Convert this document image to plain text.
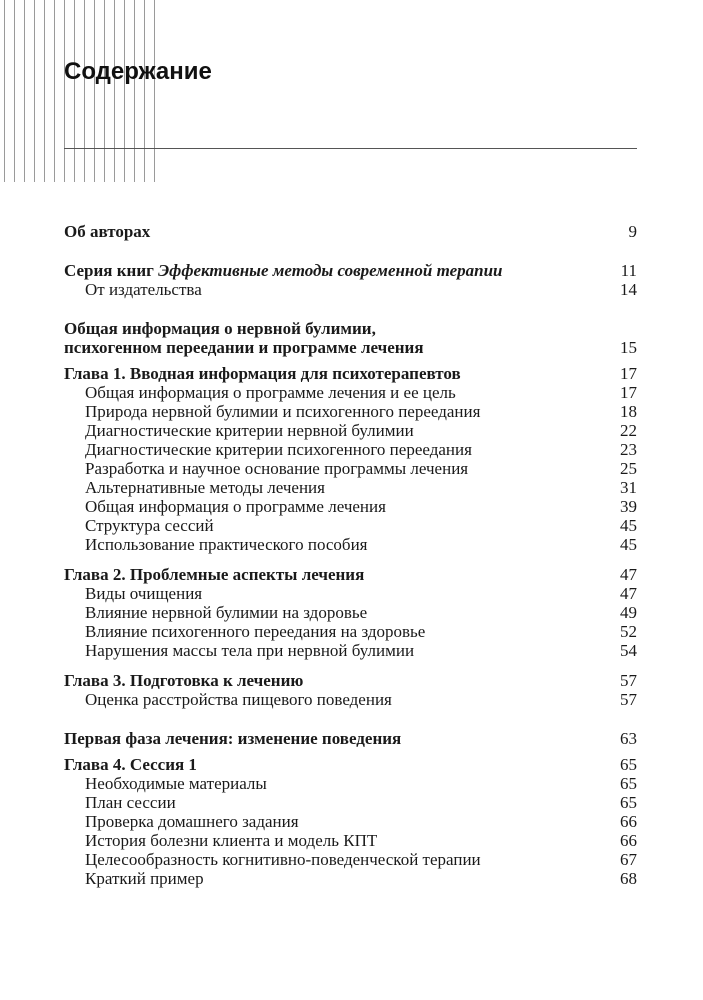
Содержание
Об авторах	9
Серия книг Эффективные методы современной терапии	11
От издательства	14
Общая информация о нервной булимии,
психогенном переедании и программе лечения	15
Глава 1. Вводная информация для психотерапевтов	17
Общая информация о программе лечения и ее цель	17
Природа нервной булимии и психогенного переедания	18
Диагностические критерии нервной булимии	22
Диагностические критерии психогенного переедания	23
Разработка и научное основание программы лечения	25
Альтернативные методы лечения	31
Общая информация о программе лечения	39
Структура сессий	45
Использование практического пособия	45
Глава 2. Проблемные аспекты лечения	47
Виды очищения	47
Влияние нервной булимии на здоровье	49
Влияние психогенного переедания на здоровье	52
Нарушения массы тела при нервной булимии	54
Глава 3. Подготовка к лечению	57
Оценка расстройства пищевого поведения	57
Первая фаза лечения: изменение поведения	63
Глава 4. Сессия 1	65
Необходимые материалы	65
План сессии	65
Проверка домашнего задания	66
История болезни клиента и модель КПТ	66
Целесообразность когнитивно-поведенческой терапии	67
Краткий пример	68
